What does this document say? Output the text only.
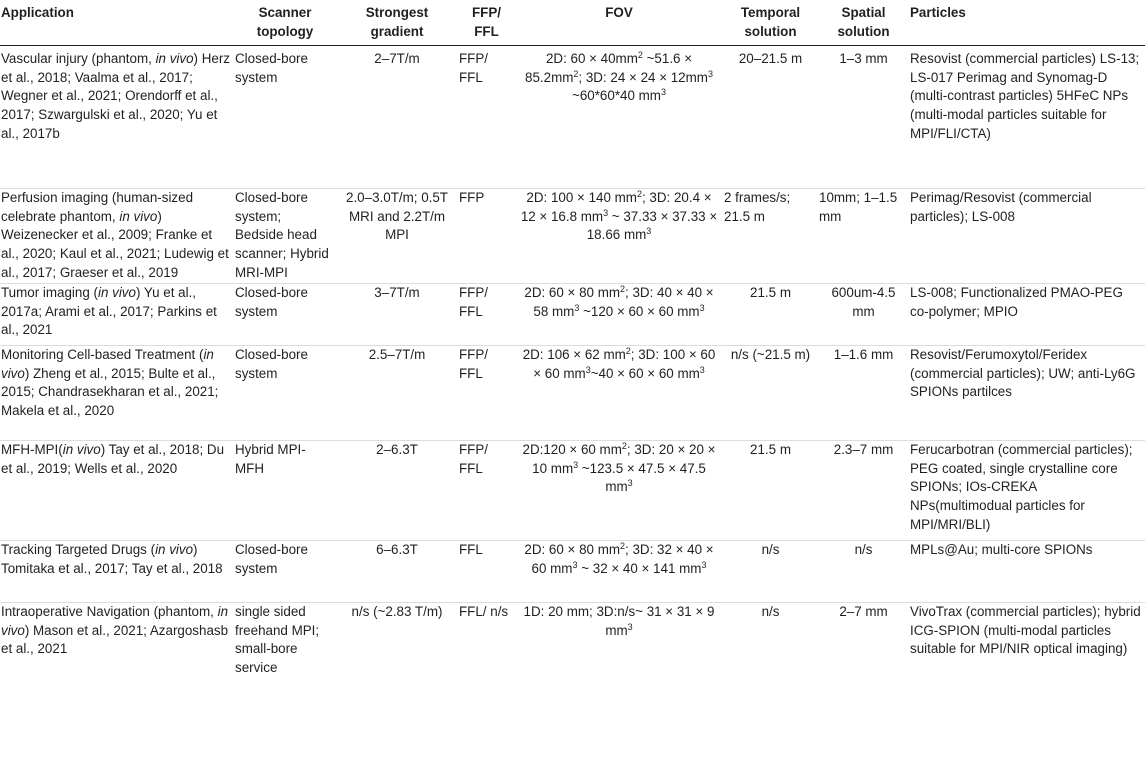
Application	Scanner topology	Strongest gradient	FFP/ FFL	FOV	Temporal solution	Spatial solution	Particles
Vascular injury (phantom, in vivo) Herz et al., 2018; Vaalma et al., 2017; Wegner et al., 2021; Orendorff et al., 2017; Szwargulski et al., 2020; Yu et al., 2017b	Closed-bore system	2–7T/m	FFP/ FFL	2D: $60 \times 40mm^2$ ~51.6 × $85.2mm^2$; 3D: $24 \times 24 \times 12mm^3$ ~60*60*40 $mm^3$	20–21.5 m	1–3 mm	Resovist (commercial particles) LS-13; LS-017 Perimag and Synomag-D (multi-contrast particles) 5HFeC NPs (multi-modal particles suitable for MPI/FLI/CTA)
Perfusion imaging (human-sized celebrate phantom, in vivo) Weizenecker et al., 2009; Franke et al., 2020; Kaul et al., 2021; Ludewig et al., 2017; Graeser et al., 2019	Closed-bore system; Bedside head scanner; Hybrid MRI-MPI	2.0–3.0T/m; 0.5T MRI and 2.2T/m MPI	FFP	2D: 100 × 140 $mm^2$; 3D: 20.4 × 12 × 16.8 $mm^3$ ~ 37.33 × 37.33 × 18.66 $mm^3$	2 frames/s; 21.5 m	10mm; 1–1.5 mm	Perimag/Resovist (commercial particles); LS-008
Tumor imaging (in vivo) Yu et al., 2017a; Arami et al., 2017; Parkins et al., 2021	Closed-bore system	3–7T/m	FFP/ FFL	2D: 60 × 80 $mm^2$; 3D: 40 × 40 × 58 $mm^3$ ~120 × 60 × 60 $mm^3$	21.5 m	600um-4.5 mm	LS-008; Functionalized PMAO-PEG co-polymer; MPIO
Monitoring Cell-based Treatment (in vivo) Zheng et al., 2015; Bulte et al., 2015; Chandrasekharan et al., 2021; Makela et al., 2020	Closed-bore system	2.5–7T/m	FFP/ FFL	2D: 106 × 62 $mm^2$; 3D: 100 × 60 × 60 $mm^3\sim 40 \times 60 \times 60$ $mm^3$	n/s (~21.5 m)	1–1.6 mm	Resovist/Ferumoxytol/Feridex (commercial particles); UW; anti-Ly6G SPIONs partilces
MFH-MPI(in vivo) Tay et al., 2018; Du et al., 2019; Wells et al., 2020	Hybrid MPI-MFH	2–6.3T	FFP/ FFL	2D:120 × 60 $mm^2$; 3D: 20 × 20 × 10 $mm^3$ ~123.5 × 47.5 × 47.5 $mm^3$	21.5 m	2.3–7 mm	Ferucarbotran (commercial particles); PEG coated, single crystalline core SPIONs; IOs-CREKA NPs(multimodual particles for MPI/MRI/BLI)
Tracking Targeted Drugs (in vivo) Tomitaka et al., 2017; Tay et al., 2018	Closed-bore system	6–6.3T	FFL	2D: 60 × 80 $mm^2$; 3D: 32 × 40 × 60 $mm^3$ ~ 32 × 40 × 141 $mm^3$	n/s	n/s	MPLs@Au; multi-core SPIONs
Intraoperative Navigation (phantom, in vivo) Mason et al., 2021; Azargoshasb et al., 2021	single sided freehand MPI; small-bore service	n/s (~2.83 T/m)	FFL/ n/s	1D: 20 mm; 3D:n/s~ 31 × 31 × 9 $mm^3$	n/s	2–7 mm	VivoTrax (commercial particles); hybrid ICG-SPION (multi-modal particles suitable for MPI/NIR optical imaging)
